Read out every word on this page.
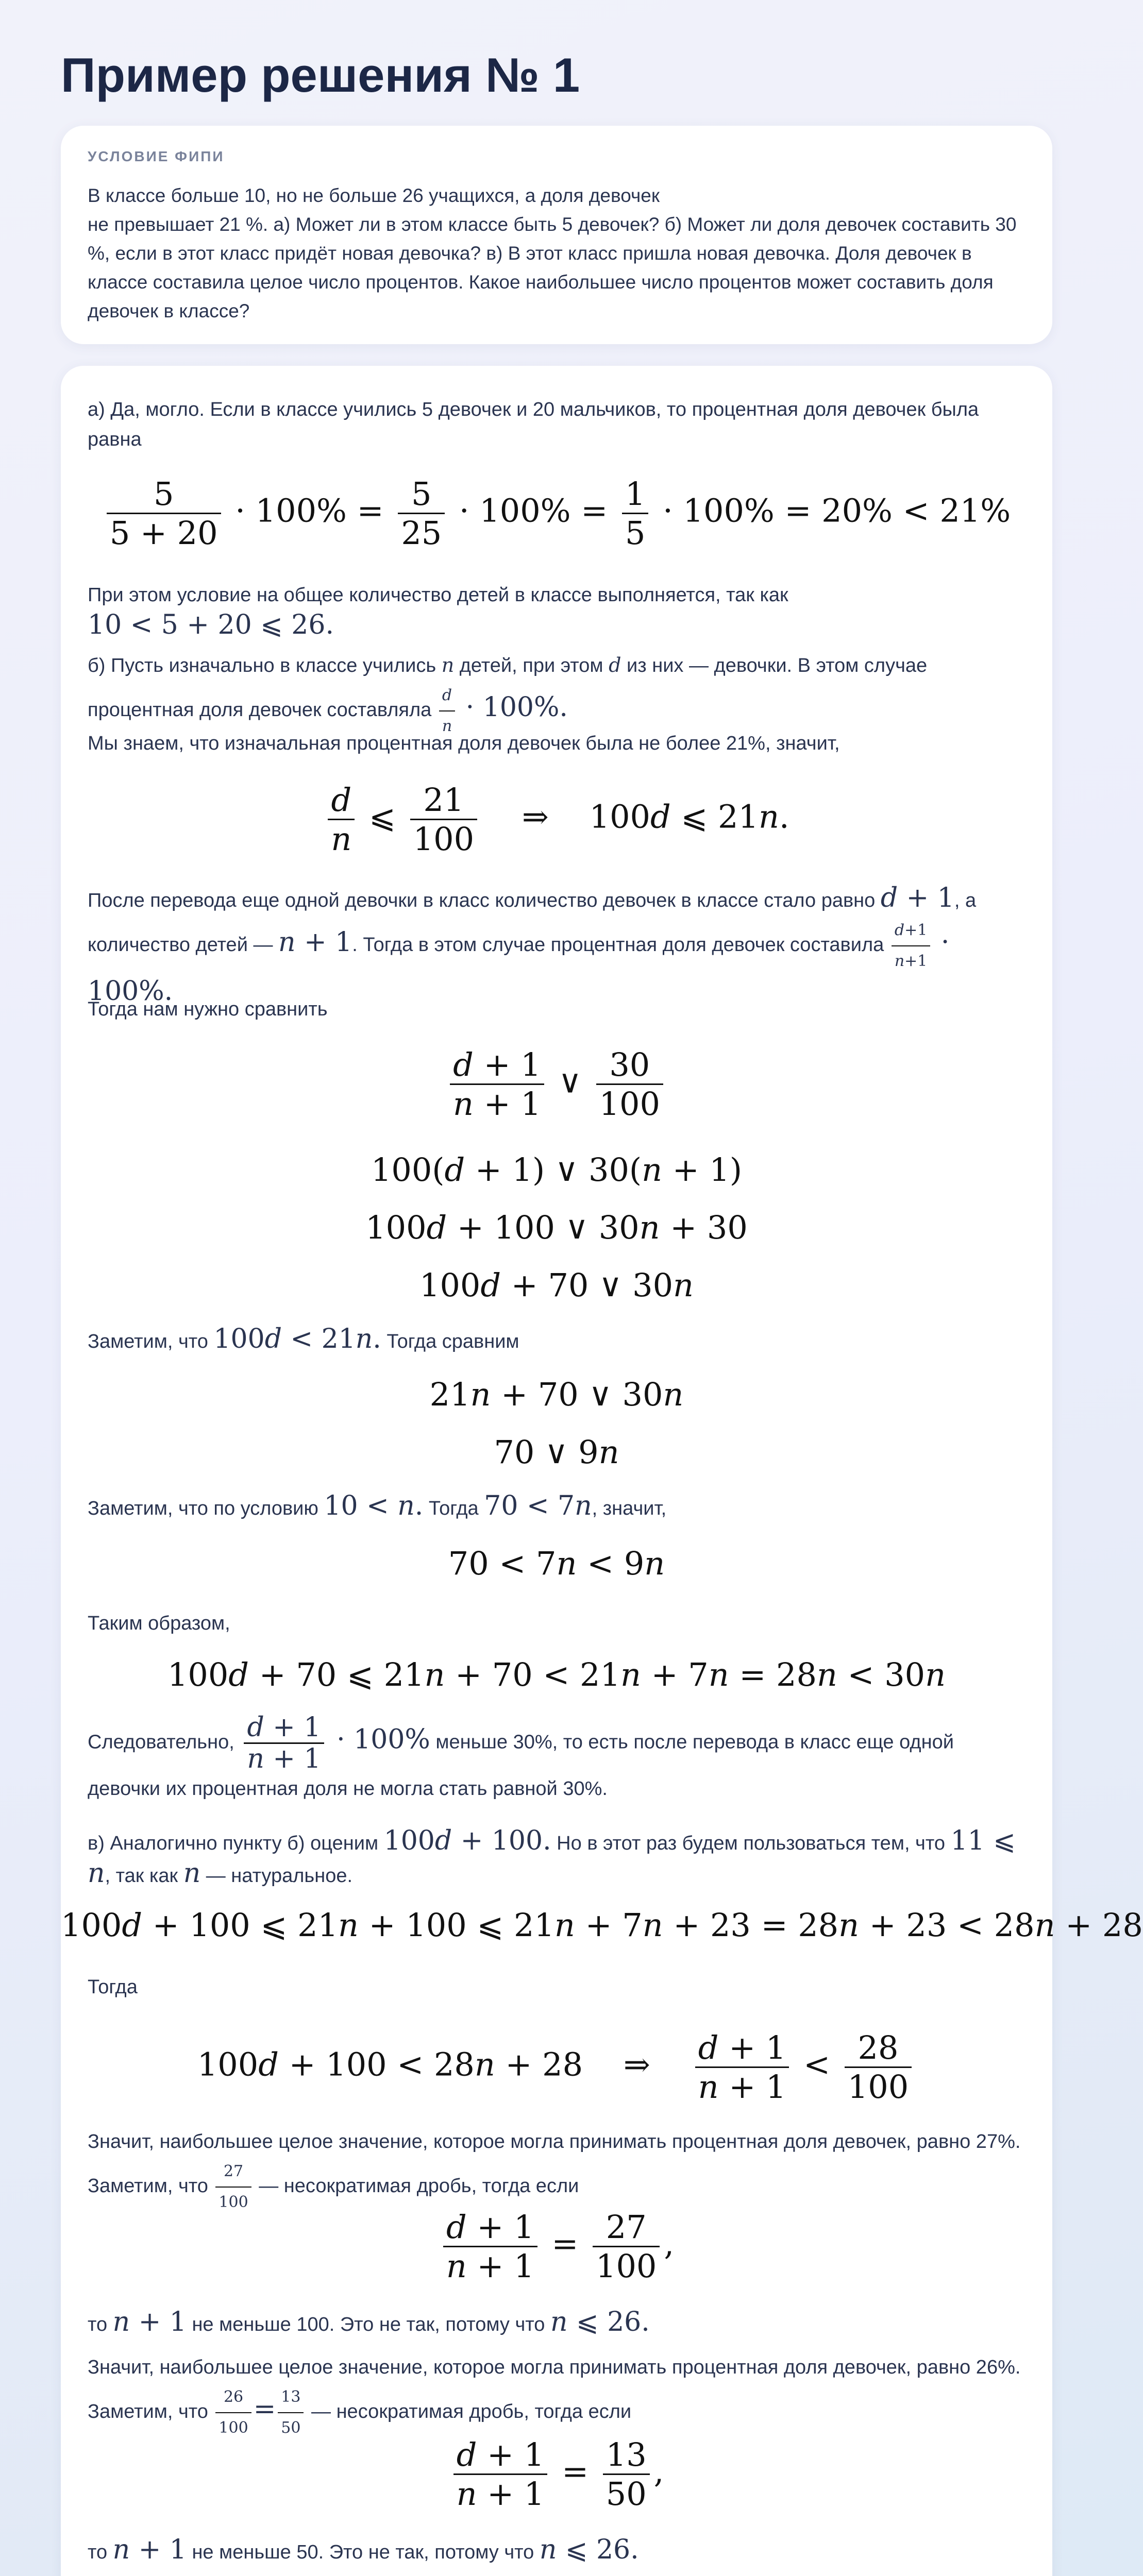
Пример решения № 1
УСЛОВИЕ ФИПИ
В классе больше 10, но не больше 26 учащихся, а доля девочек
не превышает 21 %. а) Может ли в этом классе быть 5 девочек? б) Может ли доля девочек составить 30 %, если в этот класс придёт новая девочка? в) В этот класс пришла новая девочка. Доля девочек в классе составила целое число процентов. Какое наибольшее число процентов может составить доля девочек в классе?
а) Да, могло. Если в классе учились 5 девочек и 20 мальчиков, то процентная доля девочек была равна
$\frac{5}{5 + 20} \cdot 100\% = \frac{5}{25} \cdot 100\% = \frac{1}{5} \cdot 100\% = 20\% < 21\%$
При этом условие на общее количество детей в классе выполняется, так как
10 < 5 + 20 ⩽ 26.
б) Пусть изначально в классе учились n детей, при этом d из них — девочки. В этом случае процентная доля девочек составляла $\frac{d}{n} \cdot 100\%$.
Мы знаем, что изначальная процентная доля девочек была не более 21%, значит,
$\frac{d}{n}$ ⩽ $\frac{21}{100}$ ⇒    100d ⩽ 21n.
После перевода еще одной девочки в класс количество девочек в классе стало равно d + 1, а количество детей — n + 1. Тогда в этом случае процентная доля девочек составила $\frac{d+1}{n+1} \cdot 100\%$.
Тогда нам нужно сравнить
$\frac{d + 1}{n + 1}$ ∨ $\frac{30}{100}$
100(d + 1) ∨ 30(n + 1)
100d + 100 ∨ 30n + 30
100d + 70 ∨ 30n
Заметим, что 100d < 21n. Тогда сравним
21n + 70 ∨ 30n
70 ∨ 9n
Заметим, что по условию 10 < n. Тогда 70 < 7n, значит,
70 < 7n < 9n
Таким образом,
100d + 70 ⩽ 21n + 70 < 21n + 7n = 28n < 30n
Следовательно, $\frac{d + 1}{n + 1} \cdot 100\%$ меньше 30%, то есть после перевода в класс еще одной девочки их процентная доля не могла стать равной 30%.
в) Аналогично пункту б) оценим 100d + 100. Но в этот раз будем пользоваться тем, что 11 ⩽ n, так как n — натуральное.
100d + 100 ⩽ 21n + 100 ⩽ 21n + 7n + 23 = 28n + 23 < 28n + 28
Тогда
100d + 100 < 28n + 28    ⇒ $\frac{d + 1}{n + 1} < \frac{28}{100}$
Значит, наибольшее целое значение, которое могла принимать процентная доля девочек, равно 27%. Заметим, что $\frac{27}{100}$ — несократимая дробь, тогда если
$\frac{d + 1}{n + 1} = \frac{27}{100}$ ,
то n + 1 не меньше 100. Это не так, потому что n ⩽ 26.
Значит, наибольшее целое значение, которое могла принимать процентная доля девочек, равно 26%. Заметим, что $\frac{26}{100} = \frac{13}{50}$ — несократимая дробь, тогда если
$\frac{d + 1}{n + 1} = \frac{13}{50}$ ,
то n + 1 не меньше 50. Это не так, потому что n ⩽ 26.
